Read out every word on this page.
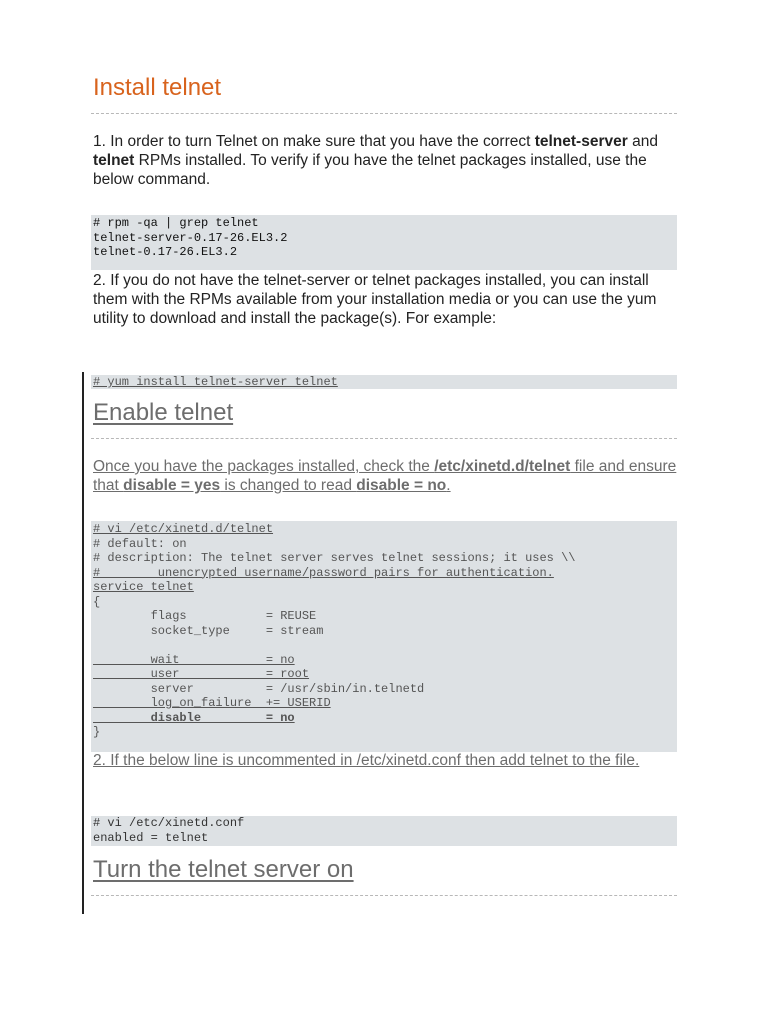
Install telnet

1. In order to turn Telnet on make sure that you have the correct telnet-server and telnet RPMs installed. To verify if you have the telnet packages installed, use the below command.

# rpm -qa | grep telnet
telnet-server-0.17-26.EL3.2
telnet-0.17-26.EL3.2

2. If you do not have the telnet-server or telnet packages installed, you can install them with the RPMs available from your installation media or you can use the yum utility to download and install the package(s). For example:

# yum install telnet-server telnet
Enable telnet

Once you have the packages installed, check the /etc/xinetd.d/telnet file and ensure that disable = yes is changed to read disable = no.

# vi /etc/xinetd.d/telnet
# default: on
# description: The telnet server serves telnet sessions; it uses \\
#        unencrypted username/password pairs for authentication.
service telnet
{
flags           = REUSE
socket_type     = stream
wait            = no
user            = root
server          = /usr/sbin/in.telnetd
log_on_failure  += USERID
disable         = no
}

2. If the below line is uncommented in /etc/xinetd.conf then add telnet to the file.

# vi /etc/xinetd.conf
enabled = telnet
Turn the telnet server on
